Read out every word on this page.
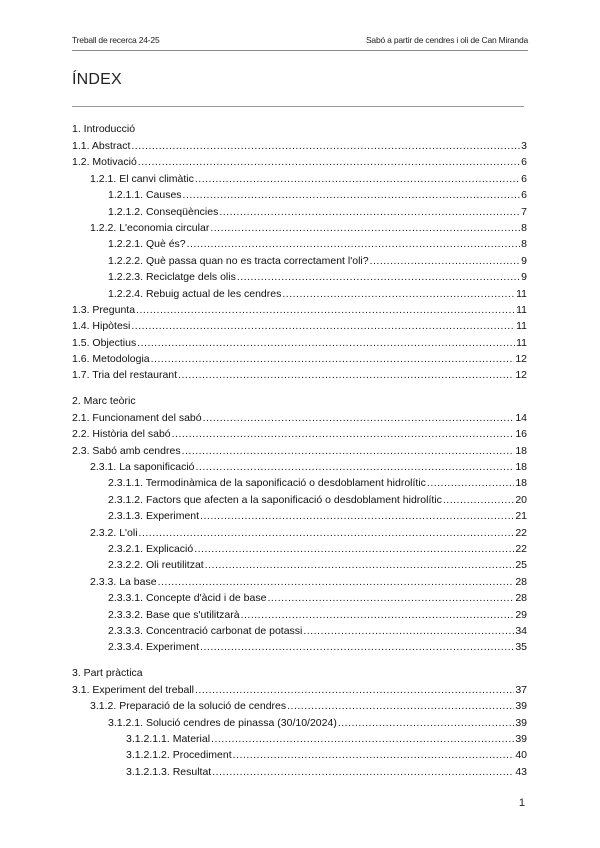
Treball de recerca 24-25	Sabó a partir de cendres i oli de Can Miranda
ÍNDEX
1. Introducció
1.1. Abstract .....	3
1.2. Motivació .....	6
1.2.1. El canvi climàtic .....	6
1.2.1.1. Causes .....	6
1.2.1.2. Conseqüències .....	7
1.2.2. L'economia circular .....	8
1.2.2.1. Què és? .....	8
1.2.2.2. Què passa quan no es tracta correctament l'oli? .....	9
1.2.2.3. Reciclatge dels olis .....	9
1.2.2.4. Rebuig actual de les cendres .....	11
1.3. Pregunta .....	11
1.4. Hipòtesi .....	11
1.5. Objectius .....	11
1.6. Metodologia .....	12
1.7. Tria del restaurant .....	12
2. Marc teòric
2.1. Funcionament del sabó .....	14
2.2. Història del sabó .....	16
2.3. Sabó amb cendres .....	18
2.3.1. La saponificació .....	18
2.3.1.1. Termodinàmica de la saponificació o desdoblament hidrolític .....	18
2.3.1.2. Factors que afecten a la saponificació o desdoblament hidrolític .....	20
2.3.1.3. Experiment .....	21
2.3.2. L'oli .....	22
2.3.2.1. Explicació .....	22
2.3.2.2. Oli reutilitzat .....	25
2.3.3. La base .....	28
2.3.3.1. Concepte d'àcid i de base .....	28
2.3.3.2. Base que s'utilitzarà .....	29
2.3.3.3. Concentració carbonat de potassi .....	34
2.3.3.4. Experiment .....	35
3. Part pràctica
3.1. Experiment del treball .....	37
3.1.2. Preparació de la solució de cendres .....	39
3.1.2.1. Solució cendres de pinassa (30/10/2024) .....	39
3.1.2.1.1. Material .....	39
3.1.2.1.2. Procediment .....	40
3.1.2.1.3. Resultat .....	43
1
